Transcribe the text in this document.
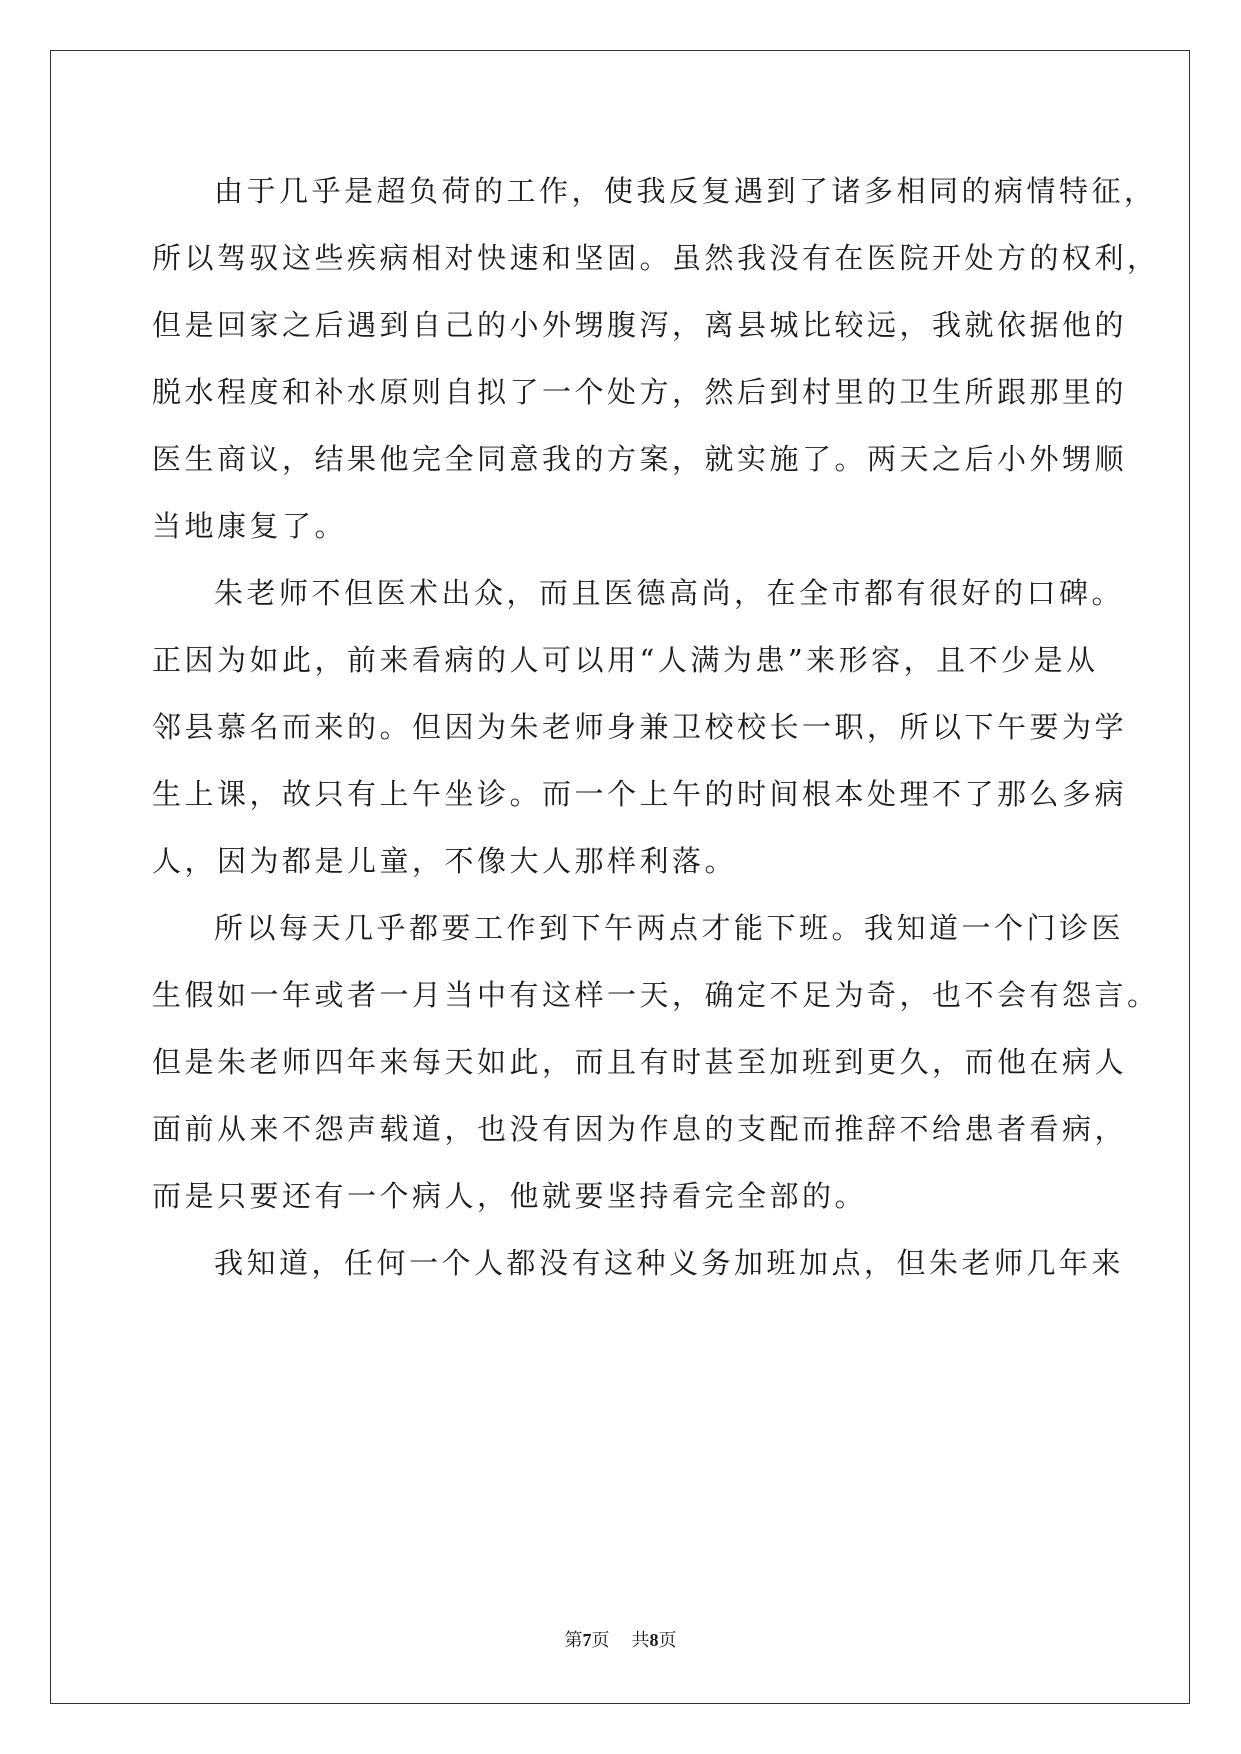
由于几乎是超负荷的工作，使我反复遇到了诸多相同的病情特征，
所以驾驭这些疾病相对快速和坚固。虽然我没有在医院开处方的权利，
但是回家之后遇到自己的小外甥腹泻，离县城比较远，我就依据他的
脱水程度和补水原则自拟了一个处方，然后到村里的卫生所跟那里的
医生商议，结果他完全同意我的方案，就实施了。两天之后小外甥顺
当地康复了。
朱老师不但医术出众，而且医德高尚，在全市都有很好的口碑。
正因为如此，前来看病的人可以用“人满为患”来形容，且不少是从
邻县慕名而来的。但因为朱老师身兼卫校校长一职，所以下午要为学
生上课，故只有上午坐诊。而一个上午的时间根本处理不了那么多病
人，因为都是儿童，不像大人那样利落。
所以每天几乎都要工作到下午两点才能下班。我知道一个门诊医
生假如一年或者一月当中有这样一天，确定不足为奇，也不会有怨言。
但是朱老师四年来每天如此，而且有时甚至加班到更久，而他在病人
面前从来不怨声载道，也没有因为作息的支配而推辞不给患者看病，
而是只要还有一个病人，他就要坚持看完全部的。
我知道，任何一个人都没有这种义务加班加点，但朱老师几年来
第7页 共8页
